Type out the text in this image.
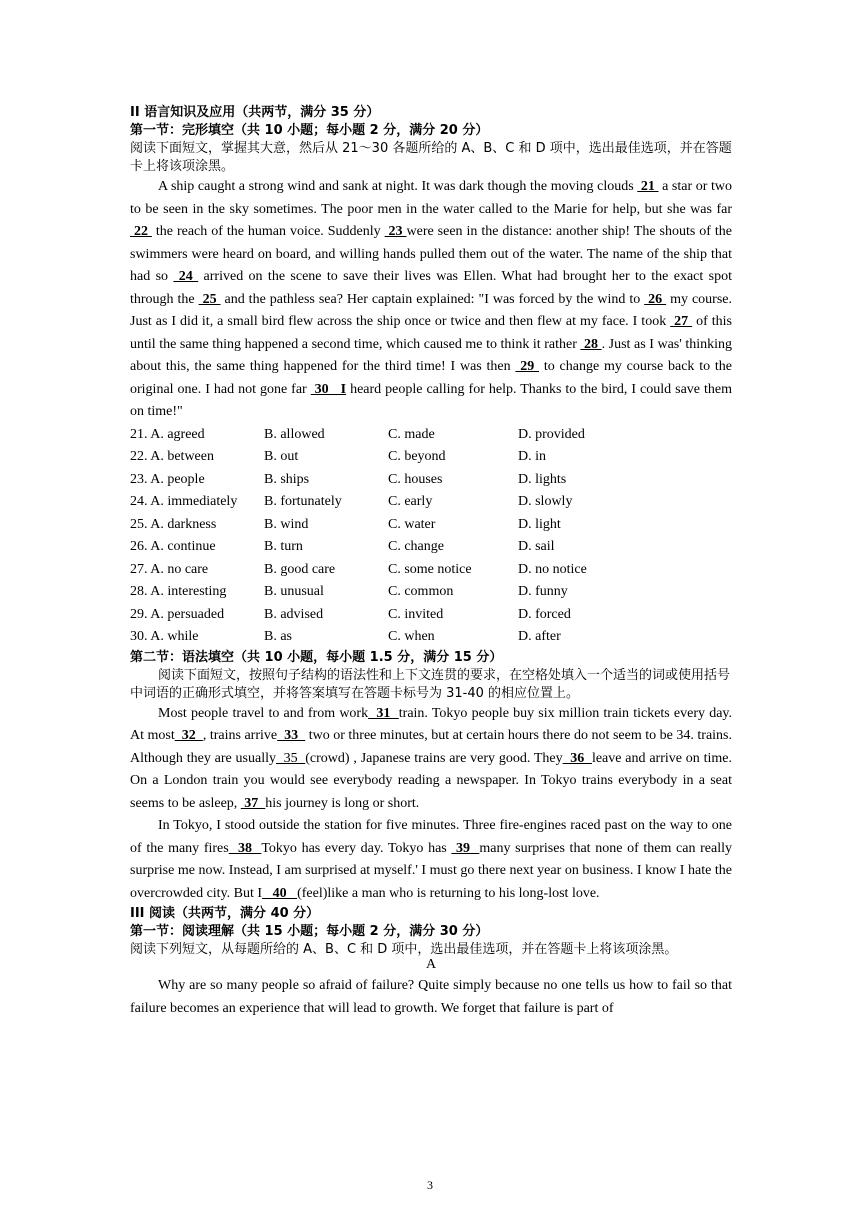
II 语言知识及应用（共两节，满分 35 分）
第一节：完形填空（共 10 小题；每小题 2 分，满分 20 分）
阅读下面短文，掌握其大意，然后从 21～30 各题所给的 A、B、C 和 D 项中，选出最佳选项，并在答题卡上将该项涂黑。

A ship caught a strong wind and sank at night. It was dark though the moving clouds  21  a star or two to be seen in the sky sometimes. The poor men in the water called to the Marie for help, but she was far  22  the reach of the human voice. Suddenly  23 were seen in the distance: another ship! The shouts of the swimmers were heard on board, and willing hands pulled them out of the water. The name of the ship that had so  24  arrived on the scene to save their lives was Ellen. What had brought her to the exact spot through the  25  and the pathless sea? Her captain explained: "I was forced by the wind to  26  my course. Just as I did it, a small bird flew across the ship once or twice and then flew at my face. I took  27  of this until the same thing happened a second time, which caused me to think it rather  28 . Just as I was' thinking about this, the same thing happened for the third time! I was then  29  to change my course back to the original one. I had not gone far  30   I heard people calling for help. Thanks to the bird, I could save them on time!"

21. A. agreed	B. allowed	C. made	D. provided
22. A. between	B. out	C. beyond	D. in
23. A. people	B. ships	C. houses	D. lights
24. A. immediately	B. fortunately	C. early	D. slowly
25. A. darkness	B. wind	C. water	D. light
26. A. continue	B. turn	C. change	D. sail
27. A. no care	B. good care	C. some notice	D. no notice
28. A. interesting	B. unusual	C. common	D. funny
29. A. persuaded	B. advised	C. invited	D. forced
30. A. while	B. as	C. when	D. after
第二节：语法填空（共 10 小题，每小题 1.5 分，满分 15 分）
阅读下面短文，按照句子结构的语法性和上下文连贯的要求，在空格处填入一个适当的词或使用括号中词语的正确形式填空，并将答案填写在答题卡标号为 31-40 的相应位置上。

Most people travel to and from work  31  train. Tokyo people buy six million train tickets every day. At most  32  , trains arrive  33   two or three minutes, but at certain hours there do not seem to be 34. trains. Although they are usually  35  (crowd) , Japanese trains are very good. They  36  leave and arrive on time. On a London train you would see everybody reading a newspaper. In Tokyo trains everybody in a seat seems to be asleep,  37  his journey is long or short.

In Tokyo, I stood outside the station for five minutes. Three fire-engines raced past on the way to one of the many fires  38  Tokyo has every day. Tokyo has  39  many surprises that none of them can really surprise me now. Instead, I am surprised at myself.' I must go there next year on business. I know I hate the overcrowded city. But I   40   (feel)like a man who is returning to his long-lost love.

III 阅读（共两节，满分 40 分）
第一节：阅读理解（共 15 小题；每小题 2 分，满分 30 分）
阅读下列短文，从每题所给的 A、B、C 和 D 项中，选出最佳选项，并在答题卡上将该项涂黑。
A

Why are so many people so afraid of failure? Quite simply because no one tells us how to fail so that failure becomes an experience that will lead to growth. We forget that failure is part of

3
